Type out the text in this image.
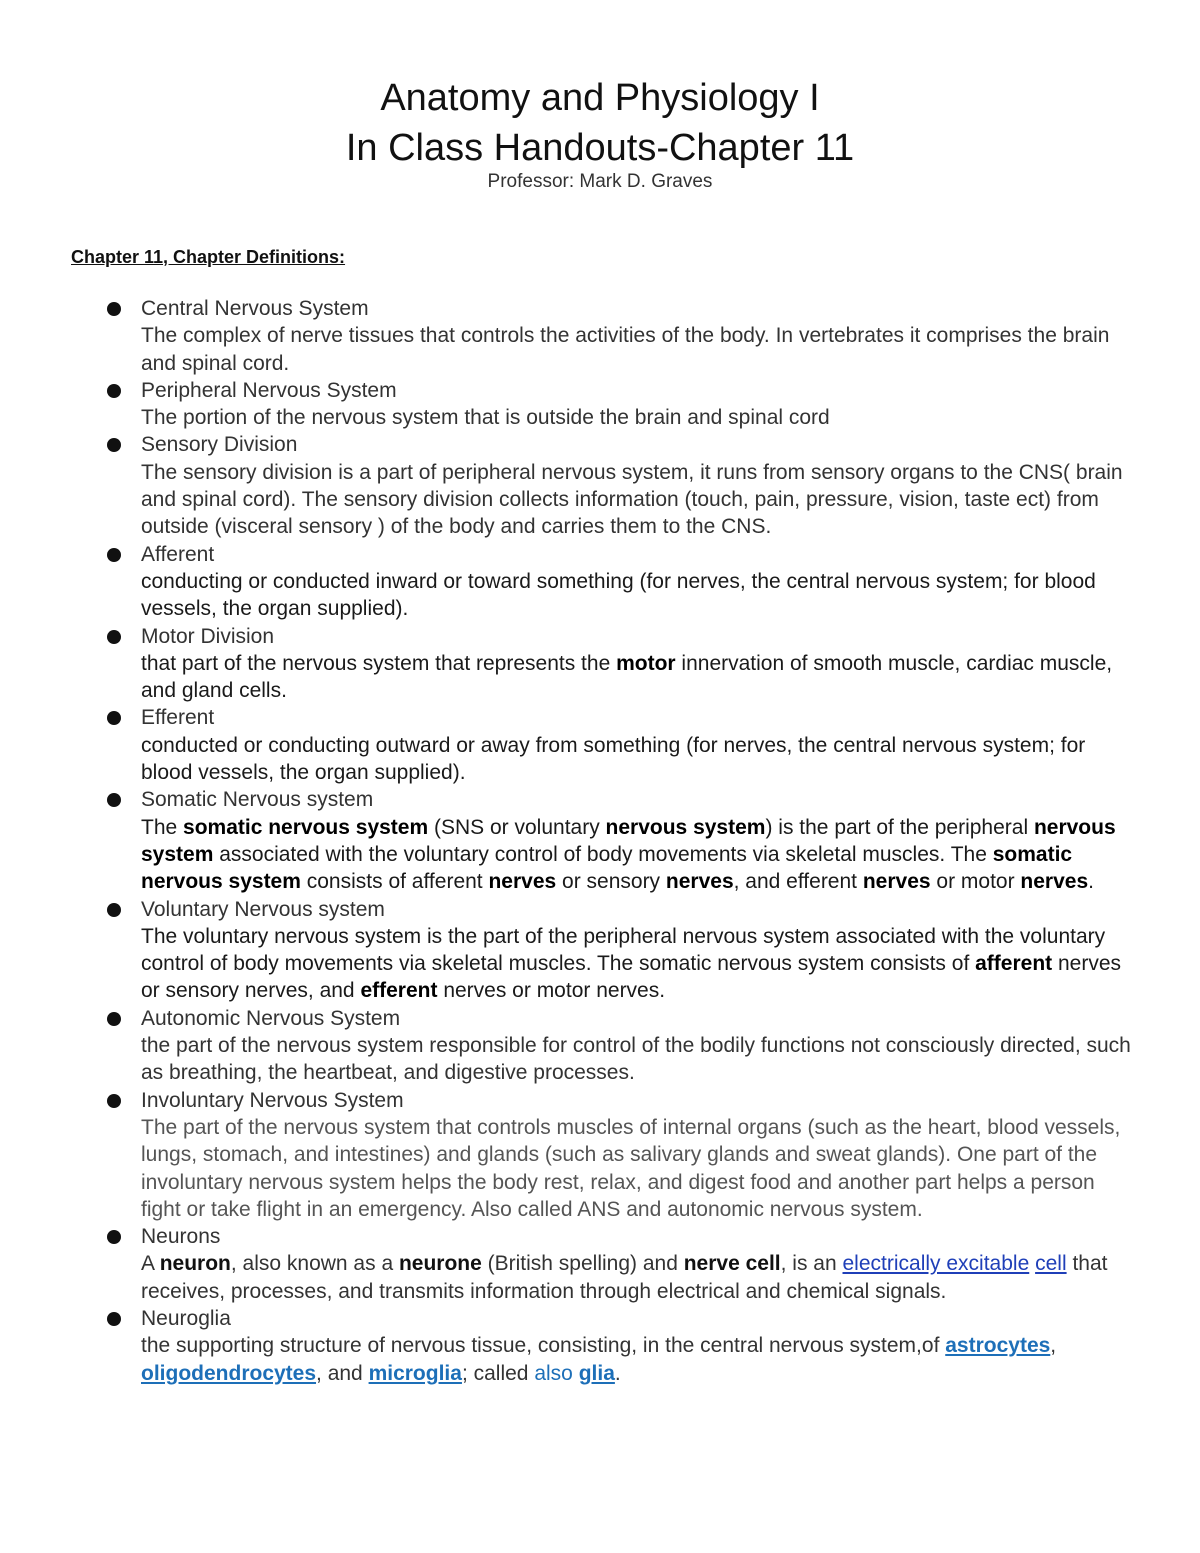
Anatomy and Physiology I
In Class Handouts-Chapter 11
Professor: Mark D. Graves
Chapter 11, Chapter Definitions:
Central Nervous System
The complex of nerve tissues that controls the activities of the body. In vertebrates it comprises the brain and spinal cord.
Peripheral Nervous System
The portion of the nervous system that is outside the brain and spinal cord
Sensory Division
The sensory division is a part of peripheral nervous system, it runs from sensory organs to the CNS( brain and spinal cord). The sensory division collects information (touch, pain, pressure, vision, taste ect) from outside (visceral sensory ) of the body and carries them to the CNS.
Afferent
conducting or conducted inward or toward something (for nerves, the central nervous system; for blood vessels, the organ supplied).
Motor Division
that part of the nervous system that represents the motor innervation of smooth muscle, cardiac muscle, and gland cells.
Efferent
conducted or conducting outward or away from something (for nerves, the central nervous system; for blood vessels, the organ supplied).
Somatic Nervous system
The somatic nervous system (SNS or voluntary nervous system) is the part of the peripheral nervous system associated with the voluntary control of body movements via skeletal muscles. The somatic nervous system consists of afferent nerves or sensory nerves, and efferent nerves or motor nerves.
Voluntary Nervous system
The voluntary nervous system is the part of the peripheral nervous system associated with the voluntary control of body movements via skeletal muscles. The somatic nervous system consists of afferent nerves or sensory nerves, and efferent nerves or motor nerves.
Autonomic Nervous System
the part of the nervous system responsible for control of the bodily functions not consciously directed, such as breathing, the heartbeat, and digestive processes.
Involuntary Nervous System
The part of the nervous system that controls muscles of internal organs (such as the heart, blood vessels, lungs, stomach, and intestines) and glands (such as salivary glands and sweat glands). One part of the involuntary nervous system helps the body rest, relax, and digest food and another part helps a person fight or take flight in an emergency. Also called ANS and autonomic nervous system.
Neurons
A neuron, also known as a neurone (British spelling) and nerve cell, is an electrically excitable cell that receives, processes, and transmits information through electrical and chemical signals.
Neuroglia
the supporting structure of nervous tissue, consisting, in the central nervous system,of astrocytes, oligodendrocytes, and microglia; called also glia.
